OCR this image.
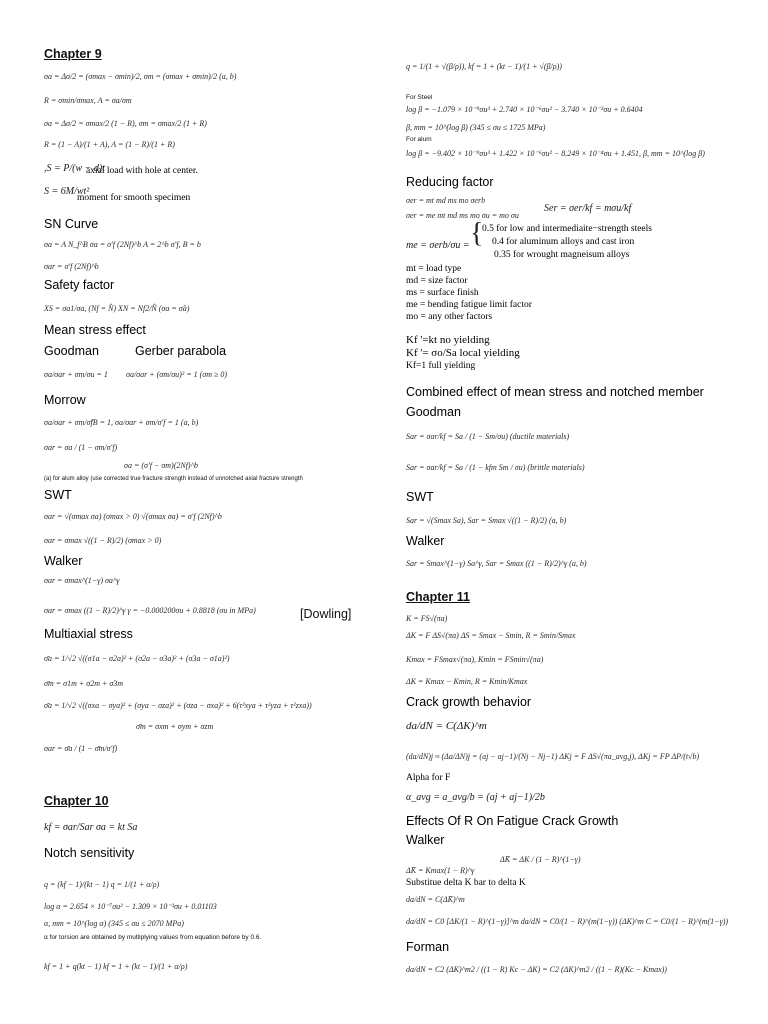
Chapter 9
σa = Δσ/2 = (σmax − σmin)/2, σm = (σmax + σmin)/2 (a, b)
R = σmin/σmax, A = σa/σm
σa = Δσ/2 = σmax/2 (1 − R), σm = σmax/2 (1 + R)
R = (1 − A)/(1 + A), A = (1 − R)/(1 + R)
,S = P/(w − d)t
axial load with hole at center.
S = 6M/wt²
moment for smooth specimen
SN Curve
σa = A N_f^B σa = σ′f (2Nf)^b A = 2^b σ′f, B = b
σar = σ′f (2Nf)^b
Safety factor
XS = σa1/σa, (Nf = N̂) XN = Nf2/N̂ (σa = σ̂a)
Mean stress effect
Goodman	Gerber parabola
σa/σar + σm/σu = 1 σa/σar + (σm/σu)² = 1 (σm ≥ 0)
Morrow
σa/σar + σm/σ̃fB = 1, σa/σar + σm/σ′f = 1 (a, b)
σar = σa / (1 − σm/σ′f)
σa = (σ′f − σm)(2Nf)^b
(a) for alum alloy (use corrected true fracture strength instead of unnotched axial fracture strength
SWT
σar = √(σmax σa) (σmax > 0) √(σmax σa) = σ′f (2Nf)^b
σar = σmax √((1 − R)/2) (σmax > 0)
Walker
σar = σmax^(1−γ) σa^γ
σar = σmax ((1 − R)/2)^γ γ = −0.000200σu + 0.8818 (σu in MPa)	[Dowling]
Multiaxial stress
σ̄a = 1/√2 √((σ1a − σ2a)² + (σ2a − σ3a)² + (σ3a − σ1a)²)
σ̄m = σ1m + σ2m + σ3m
σ̄a = 1/√2 √((σxa − σya)² + (σya − σza)² + (σza − σxa)² + 6(τ²xya + τ²yza + τ²zxa))
σ̄m = σxm + σym + σzm
σar = σ̄a / (1 − σ̄m/σ′f)
Chapter 10
kf = σar/Sar σa = kt Sa
Notch sensitivity
q = (kf − 1)/(kt − 1) q = 1/(1 + α/ρ)
log α = 2.654 × 10⁻⁷σu² − 1.309 × 10⁻³σu + 0.01103
α, mm = 10^(log α) (345 ≤ σu ≤ 2070 MPa)
α for torsion are obtained by multiplying values from equation before by 0.6.
kf = 1 + q(kt − 1) kf = 1 + (kt − 1)/(1 + α/ρ)
q = 1/(1 + √(β/ρ)), kf = 1 + (kt − 1)/(1 + √(β/ρ))
For Steel
log β = −1.079 × 10⁻⁹σu³ + 2.740 × 10⁻⁶σu² − 3.740 × 10⁻³σu + 0.6404
β, mm = 10^(log β) (345 ≤ σu ≤ 1725 MPa)
For alum
log β = −9.402 × 10⁻⁹σu³ + 1.422 × 10⁻⁶σu² − 8.249 × 10⁻⁴σu + 1.451, β, mm = 10^(log β)
Reducing factor
σer = mt md ms mo σerb
σer = me mt md ms mo σu = mo σu
Ser = σer/kf = mσu/kf
me = σerb/σu = {
0.5 for low and intermediaite−strength steels
0.4 for aluminum alloys and cast iron
0.35 for wrought magneisum alloys
mt = load type
md = size factor
ms = surface finish
me = bending fatigue limit factor
mo = any other factors
Kf '=kt no yielding
Kf '= σo/Sa local yielding
Kf=1 full yielding
Combined effect of mean stress and notched member
Goodman
Sar = σar/kf = Sa / (1 − Sm/σu) (ductile materials)
Sar = σar/kf = Sa / (1 − kfm Sm / σu) (brittle materials)
SWT
Sar = √(Smax Sa), Sar = Smax √((1 − R)/2) (a, b)
Walker
Sar = Smax^(1−γ) Sa^γ, Sar = Smax ((1 − R)/2)^γ (a, b)
Chapter 11
K = FS√(πa)
ΔK = F ΔS√(πa) ΔS = Smax − Smin, R = Smin/Smax
Kmax = FSmax√(πa), Kmin = FSmin√(πa)
ΔK = Kmax − Kmin, R = Kmin/Kmax
Crack growth behavior
da/dN = C(ΔK)^m
(da/dN)j ≈ (Δa/ΔN)j = (aj − aj−1)/(Nj − Nj−1) ΔKj = F ΔS√(πa_avg,j), ΔKj = FP ΔP/(t√b)
Alpha for F
α_avg = a_avg/b = (aj + aj−1)/2b
Effects Of R On Fatigue Crack Growth
Walker
ΔK̄ = ΔK / (1 − R)^(1−γ)
ΔK̄ = Kmax(1 − R)^γ
Substitue delta K bar to delta K
da/dN = C(ΔK̄)^m
da/dN = C0 [ΔK/(1 − R)^(1−γ)]^m da/dN = C0/(1 − R)^(m(1−γ)) (ΔK)^m C = C0/(1 − R)^(m(1−γ))
Forman
da/dN = C2 (ΔK)^m2 / ((1 − R) Kc − ΔK) = C2 (ΔK)^m2 / ((1 − R)(Kc − Kmax))
